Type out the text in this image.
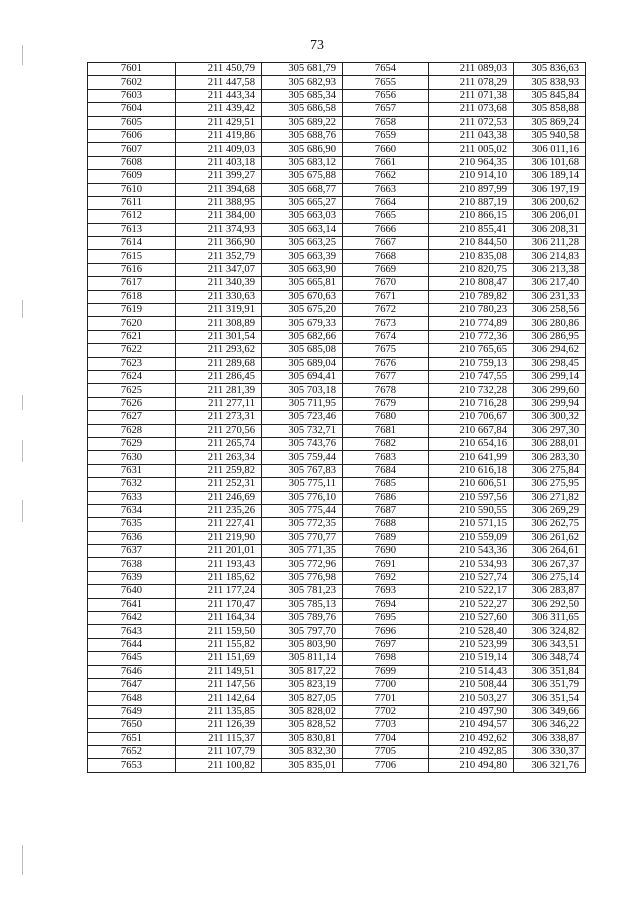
73
7601	211 450,79	305 681,79	7654	211 089,03	305 836,63
7602	211 447,58	305 682,93	7655	211 078,29	305 838,93
7603	211 443,34	305 685,34	7656	211 071,38	305 845,84
7604	211 439,42	305 686,58	7657	211 073,68	305 858,88
7605	211 429,51	305 689,22	7658	211 072,53	305 869,24
7606	211 419,86	305 688,76	7659	211 043,38	305 940,58
7607	211 409,03	305 686,90	7660	211 005,02	306 011,16
7608	211 403,18	305 683,12	7661	210 964,35	306 101,68
7609	211 399,27	305 675,88	7662	210 914,10	306 189,14
7610	211 394,68	305 668,77	7663	210 897,99	306 197,19
7611	211 388,95	305 665,27	7664	210 887,19	306 200,62
7612	211 384,00	305 663,03	7665	210 866,15	306 206,01
7613	211 374,93	305 663,14	7666	210 855,41	306 208,31
7614	211 366,90	305 663,25	7667	210 844,50	306 211,28
7615	211 352,79	305 663,39	7668	210 835,08	306 214,83
7616	211 347,07	305 663,90	7669	210 820,75	306 213,38
7617	211 340,39	305 665,81	7670	210 808,47	306 217,40
7618	211 330,63	305 670,63	7671	210 789,82	306 231,33
7619	211 319,91	305 675,20	7672	210 780,23	306 258,56
7620	211 308,89	305 679,33	7673	210 774,89	306 280,86
7621	211 301,54	305 682,66	7674	210 772,36	306 286,95
7622	211 293,62	305 685,08	7675	210 765,65	306 294,62
7623	211 289,68	305 689,04	7676	210 759,13	306 298,45
7624	211 286,45	305 694,41	7677	210 747,55	306 299,14
7625	211 281,39	305 703,18	7678	210 732,28	306 299,60
7626	211 277,11	305 711,95	7679	210 716,28	306 299,94
7627	211 273,31	305 723,46	7680	210 706,67	306 300,32
7628	211 270,56	305 732,71	7681	210 667,84	306 297,30
7629	211 265,74	305 743,76	7682	210 654,16	306 288,01
7630	211 263,34	305 759,44	7683	210 641,99	306 283,30
7631	211 259,82	305 767,83	7684	210 616,18	306 275,84
7632	211 252,31	305 775,11	7685	210 606,51	306 275,95
7633	211 246,69	305 776,10	7686	210 597,56	306 271,82
7634	211 235,26	305 775,44	7687	210 590,55	306 269,29
7635	211 227,41	305 772,35	7688	210 571,15	306 262,75
7636	211 219,90	305 770,77	7689	210 559,09	306 261,62
7637	211 201,01	305 771,35	7690	210 543,36	306 264,61
7638	211 193,43	305 772,96	7691	210 534,93	306 267,37
7639	211 185,62	305 776,98	7692	210 527,74	306 275,14
7640	211 177,24	305 781,23	7693	210 522,17	306 283,87
7641	211 170,47	305 785,13	7694	210 522,27	306 292,50
7642	211 164,34	305 789,76	7695	210 527,60	306 311,65
7643	211 159,50	305 797,70	7696	210 528,40	306 324,82
7644	211 155,82	305 803,90	7697	210 523,99	306 343,51
7645	211 151,69	305 811,14	7698	210 519,14	306 348,74
7646	211 149,51	305 817,22	7699	210 514,43	306 351,84
7647	211 147,56	305 823,19	7700	210 508,44	306 351,79
7648	211 142,64	305 827,05	7701	210 503,27	306 351,54
7649	211 135,85	305 828,02	7702	210 497,90	306 349,66
7650	211 126,39	305 828,52	7703	210 494,57	306 346,22
7651	211 115,37	305 830,81	7704	210 492,62	306 338,87
7652	211 107,79	305 832,30	7705	210 492,85	306 330,37
7653	211 100,82	305 835,01	7706	210 494,80	306 321,76
